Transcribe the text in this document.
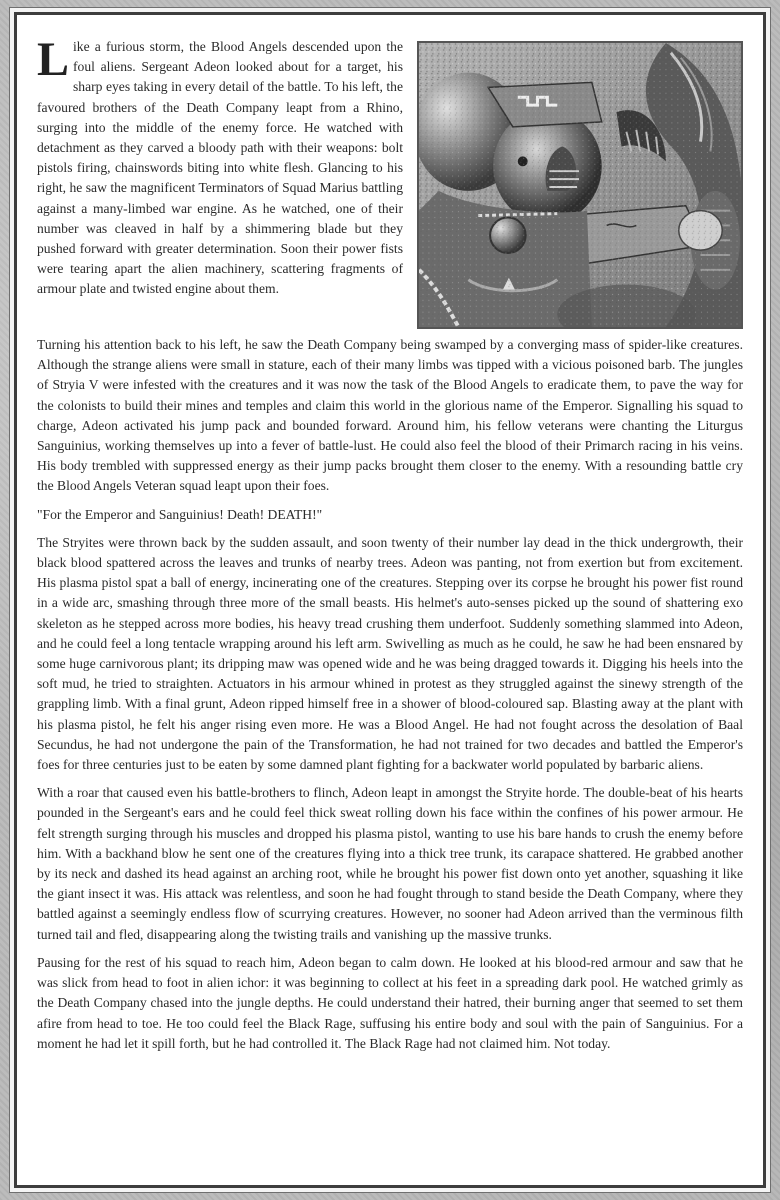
Like a furious storm, the Blood Angels descended upon the foul aliens. Sergeant Adeon looked about for a target, his sharp eyes taking in every detail of the battle. To his left, the favoured brothers of the Death Company leapt from a Rhino, surging into the middle of the enemy force. He watched with detachment as they carved a bloody path with their weapons: bolt pistols firing, chainswords biting into white flesh. Glancing to his right, he saw the magnificent Terminators of Squad Marius battling against a many-limbed war engine. As he watched, one of their number was cleaved in half by a shimmering blade but they pushed forward with greater determination. Soon their power fists were tearing apart the alien machinery, scattering fragments of armour plate and twisted engine about them.

Turning his attention back to his left, he saw the Death Company being swamped by a converging mass of spider-like creatures. Although the strange aliens were small in stature, each of their many limbs was tipped with a vicious poisoned barb. The jungles of Stryia V were infested with the creatures and it was now the task of the Blood Angels to eradicate them, to pave the way for the colonists to build their mines and temples and claim this world in the glorious name of the Emperor. Signalling his squad to charge, Adeon activated his jump pack and bounded forward. Around him, his fellow veterans were chanting the Liturgus Sanguinius, working themselves up into a fever of battle-lust. He could also feel the blood of their Primarch racing in his veins. His body trembled with suppressed energy as their jump packs brought them closer to the enemy. With a resounding battle cry the Blood Angels Veteran squad leapt upon their foes.

"For the Emperor and Sanguinius! Death! DEATH!"

The Stryites were thrown back by the sudden assault, and soon twenty of their number lay dead in the thick undergrowth, their black blood spattered across the leaves and trunks of nearby trees. Adeon was panting, not from exertion but from excitement. His plasma pistol spat a ball of energy, incinerating one of the creatures. Stepping over its corpse he brought his power fist round in a wide arc, smashing through three more of the small beasts. His helmet's auto-senses picked up the sound of shattering exo skeleton as he stepped across more bodies, his heavy tread crushing them underfoot. Suddenly something slammed into Adeon, and he could feel a long tentacle wrapping around his left arm. Swivelling as much as he could, he saw he had been ensnared by some huge carnivorous plant; its dripping maw was opened wide and he was being dragged towards it. Digging his heels into the soft mud, he tried to straighten. Actuators in his armour whined in protest as they struggled against the sinewy strength of the grappling limb. With a final grunt, Adeon ripped himself free in a shower of blood-coloured sap. Blasting away at the plant with his plasma pistol, he felt his anger rising even more. He was a Blood Angel. He had not fought across the desolation of Baal Secundus, he had not undergone the pain of the Transformation, he had not trained for two decades and battled the Emperor's foes for three centuries just to be eaten by some damned plant fighting for a backwater world populated by barbaric aliens.

With a roar that caused even his battle-brothers to flinch, Adeon leapt in amongst the Stryite horde. The double-beat of his hearts pounded in the Sergeant's ears and he could feel thick sweat rolling down his face within the confines of his power armour. He felt strength surging through his muscles and dropped his plasma pistol, wanting to use his bare hands to crush the enemy before him. With a backhand blow he sent one of the creatures flying into a thick tree trunk, its carapace shattered. He grabbed another by its neck and dashed its head against an arching root, while he brought his power fist down onto yet another, squashing it like the giant insect it was. His attack was relentless, and soon he had fought through to stand beside the Death Company, where they battled against a seemingly endless flow of scurrying creatures. However, no sooner had Adeon arrived than the verminous filth turned tail and fled, disappearing along the twisting trails and vanishing up the massive trunks.

Pausing for the rest of his squad to reach him, Adeon began to calm down. He looked at his blood-red armour and saw that he was slick from head to foot in alien ichor: it was beginning to collect at his feet in a spreading dark pool. He watched grimly as the Death Company chased into the jungle depths. He could understand their hatred, their burning anger that seemed to set them afire from head to toe. He too could feel the Black Rage, suffusing his entire body and soul with the pain of Sanguinius. For a moment he had let it spill forth, but he had controlled it. The Black Rage had not claimed him. Not today.
